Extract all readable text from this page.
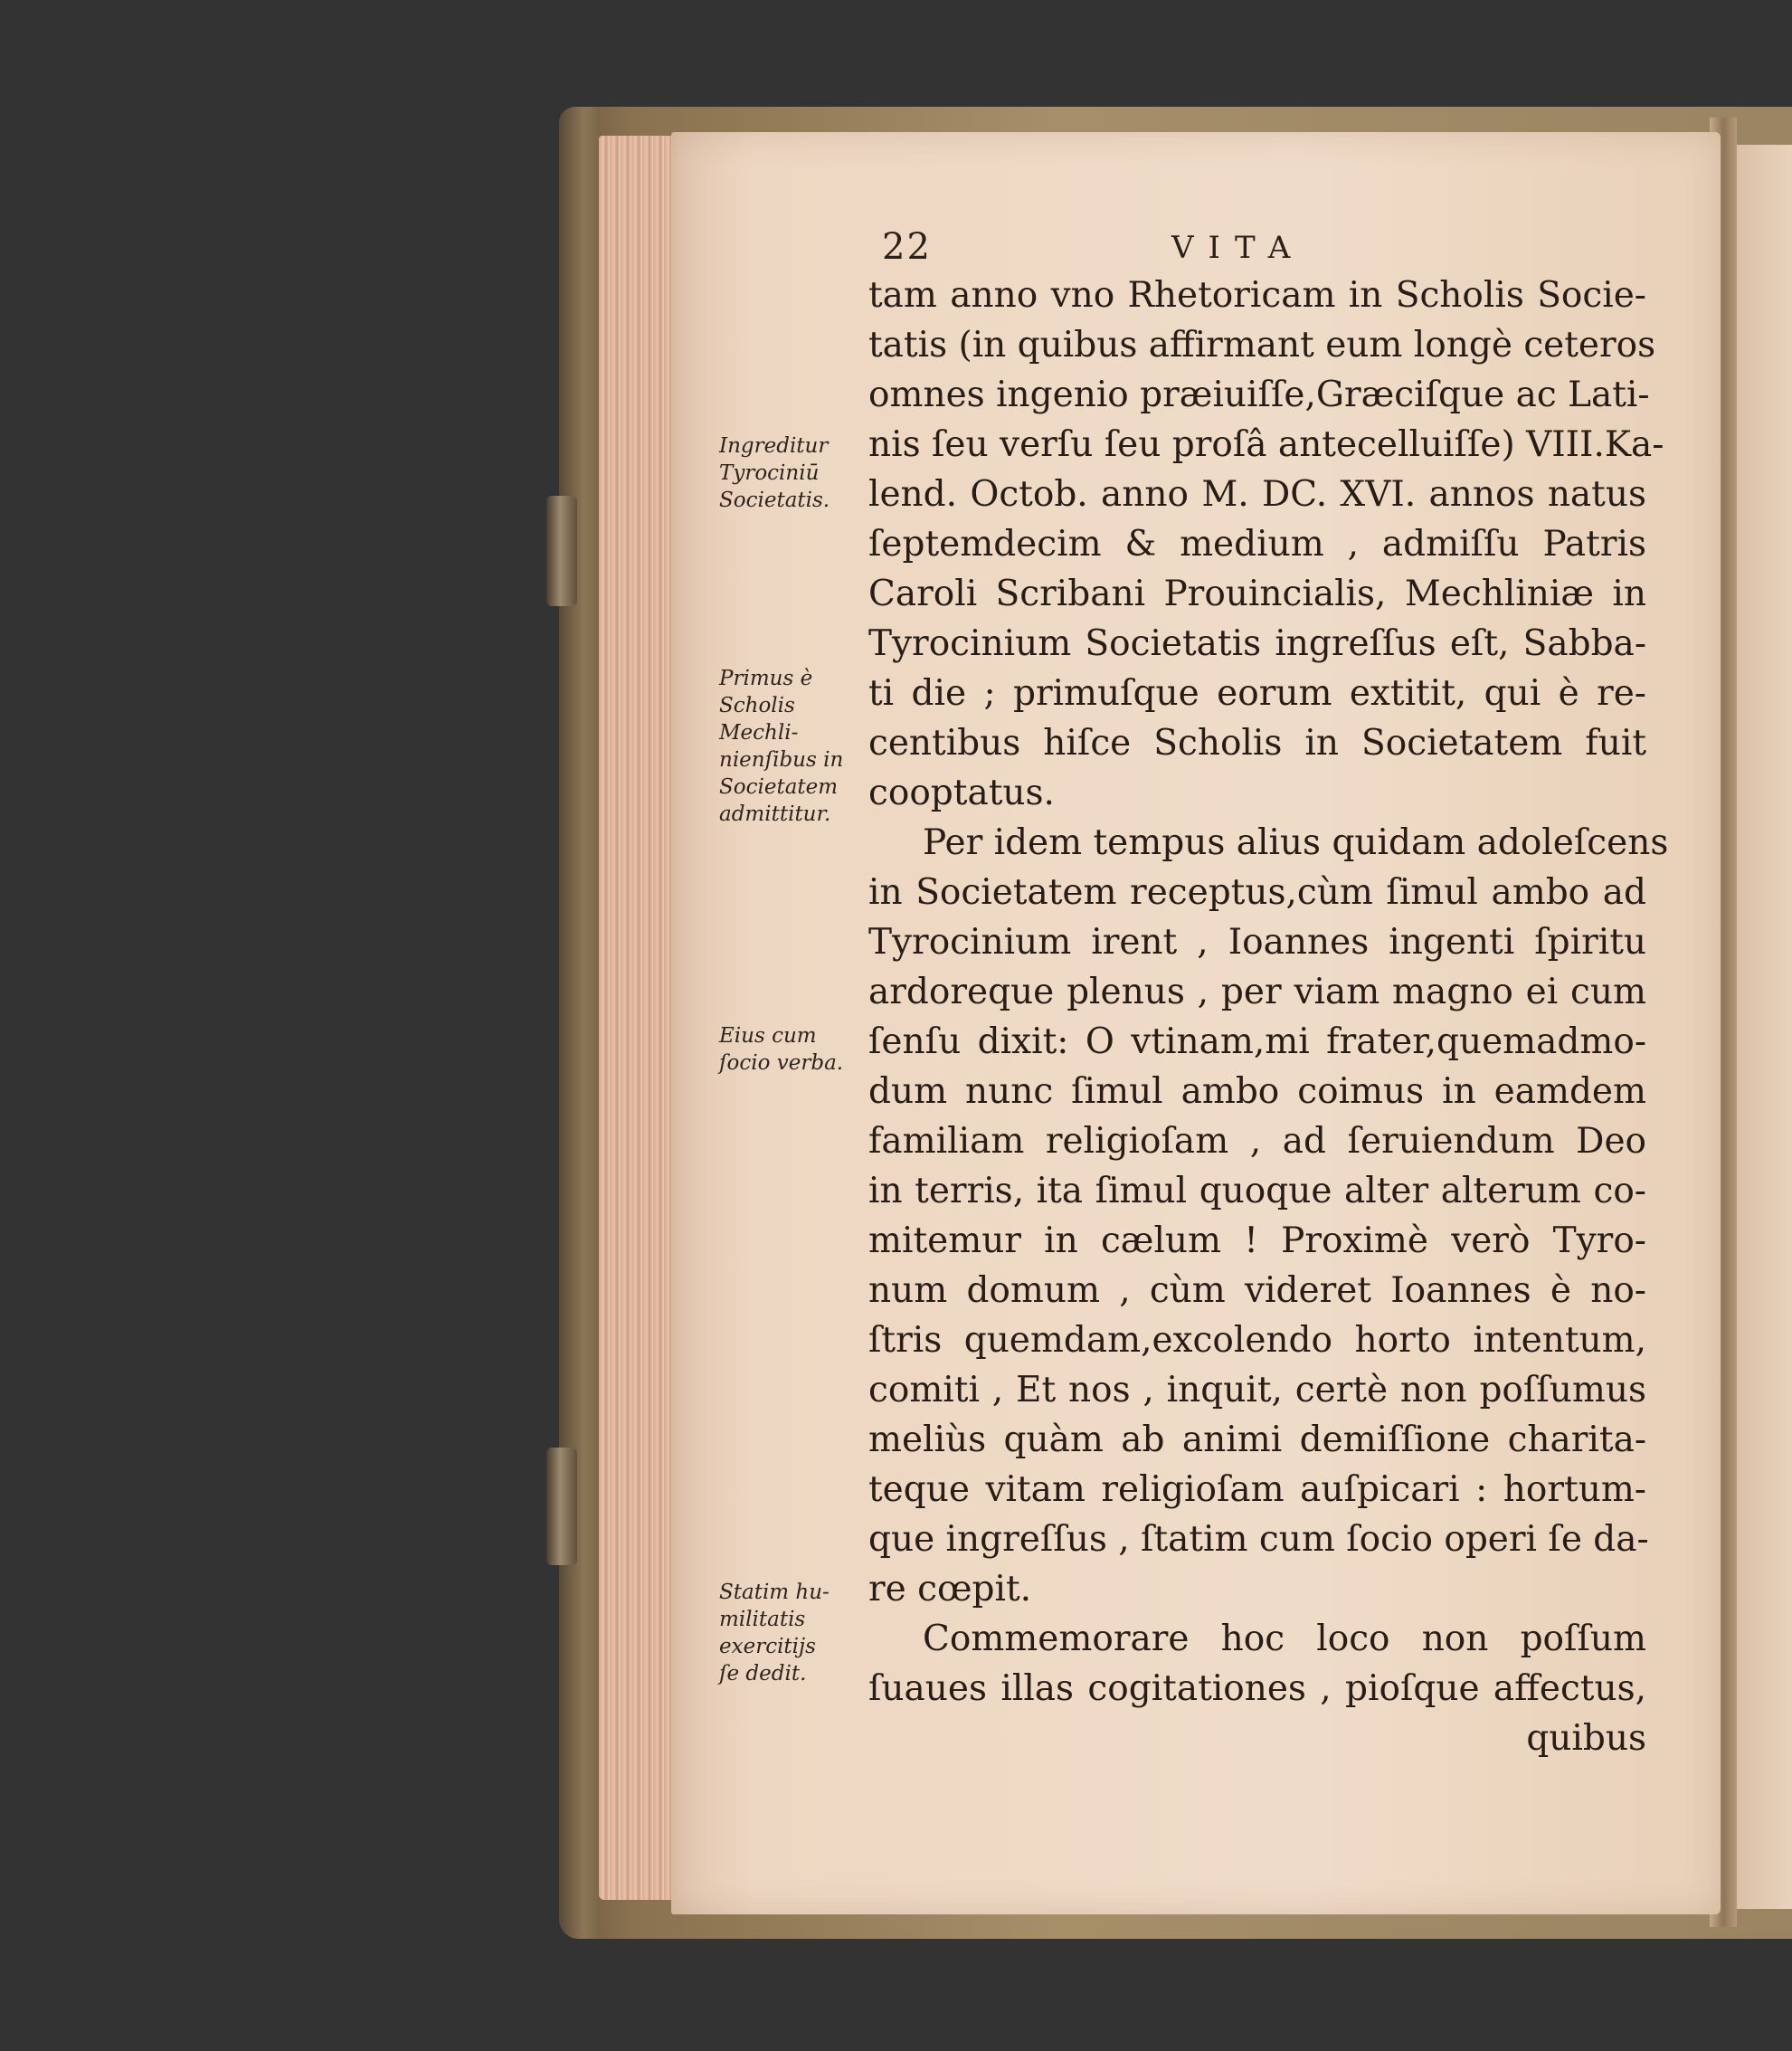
22	VITA
tam anno vno Rhetoricam in Scholis Socie-
tatis (in quibus affirmant eum longè ceteros
omnes ingenio præiuiſſe,Græciſque ac Lati-
nis ſeu verſu ſeu proſâ antecelluiſſe) VIII.Ka-
lend. Octob. anno M. DC. XVI. annos natus
ſeptemdecim & medium , admiſſu Patris
Caroli Scribani Prouincialis, Mechliniæ in
Tyrocinium Societatis ingreſſus eſt, Sabba-
ti die ; primuſque eorum extitit, qui è re-
centibus hiſce Scholis in Societatem fuit
cooptatus.
Per idem tempus alius quidam adoleſcens
in Societatem receptus,cùm ſimul ambo ad
Tyrocinium irent , Ioannes ingenti ſpiritu
ardoreque plenus , per viam magno ei cum
ſenſu dixit: O vtinam,mi frater,quemadmo-
dum nunc ſimul ambo coimus in eamdem
familiam religioſam , ad ſeruiendum Deo
in terris, ita ſimul quoque alter alterum co-
mitemur in cælum ! Proximè verò Tyro-
num domum , cùm videret Ioannes è no-
ſtris quemdam,excolendo horto intentum,
comiti , Et nos , inquit, certè non poſſumus
meliùs quàm ab animi demiſſione charita-
teque vitam religioſam auſpicari : hortum-
que ingreſſus , ſtatim cum ſocio operi ſe da-
re cœpit.
Commemorare hoc loco non poſſum
ſuaues illas cogitationes , pioſque affectus,
quibus
Ingreditur
Tyrociniū
Societatis.
Primus è
Scholis
Mechli-
nienſibus in
Societatem
admittitur.
Eius cum
ſocio verba.
Statim hu-
militatis
exercitijs
ſe dedit.
